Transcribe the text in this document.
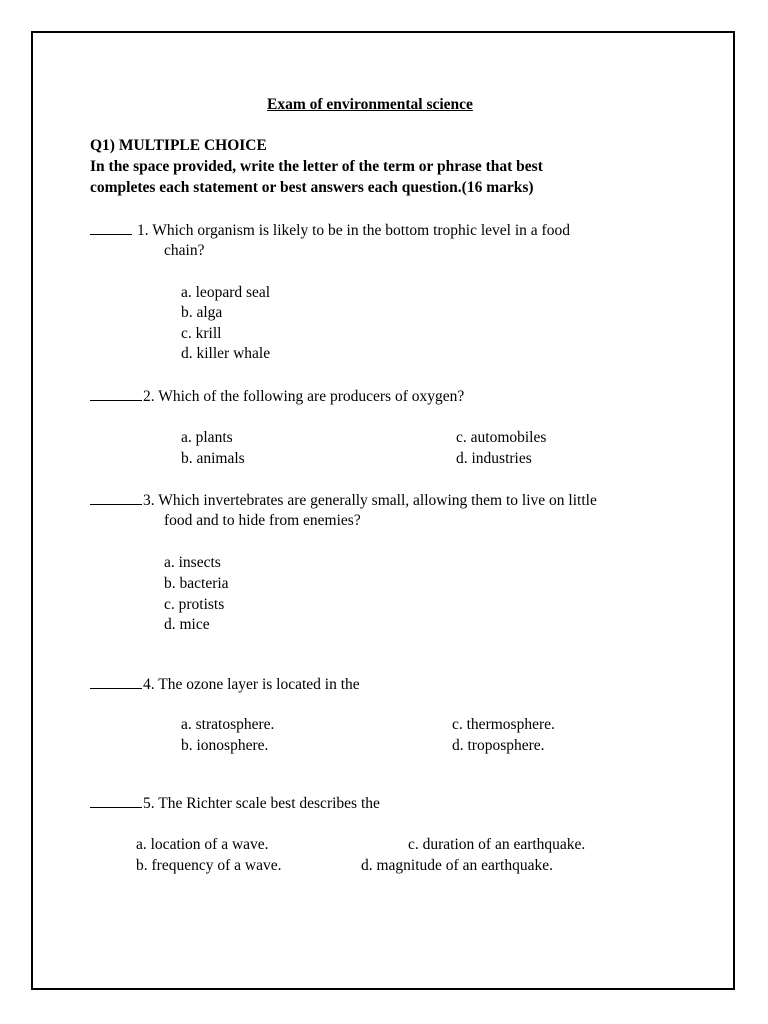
Exam of environmental science
Q1) MULTIPLE CHOICE
In the space provided, write the letter of the term or phrase that best
completes each statement or best answers each question.(16 marks)
1. Which organism is likely to be in the bottom trophic level in a food
chain?
a. leopard seal
b. alga
c. krill
d. killer whale
2. Which of the following are producers of oxygen?
a. plants
b. animals
c. automobiles
d. industries
3. Which invertebrates are generally small, allowing them to live on little
food and to hide from enemies?
a. insects
b. bacteria
c. protists
d. mice
4. The ozone layer is located in the
a. stratosphere.
b. ionosphere.
c. thermosphere.
d. troposphere.
5. The Richter scale best describes the
a. location of a wave.
b. frequency of a wave.
c. duration of an earthquake.
d. magnitude of an earthquake.
